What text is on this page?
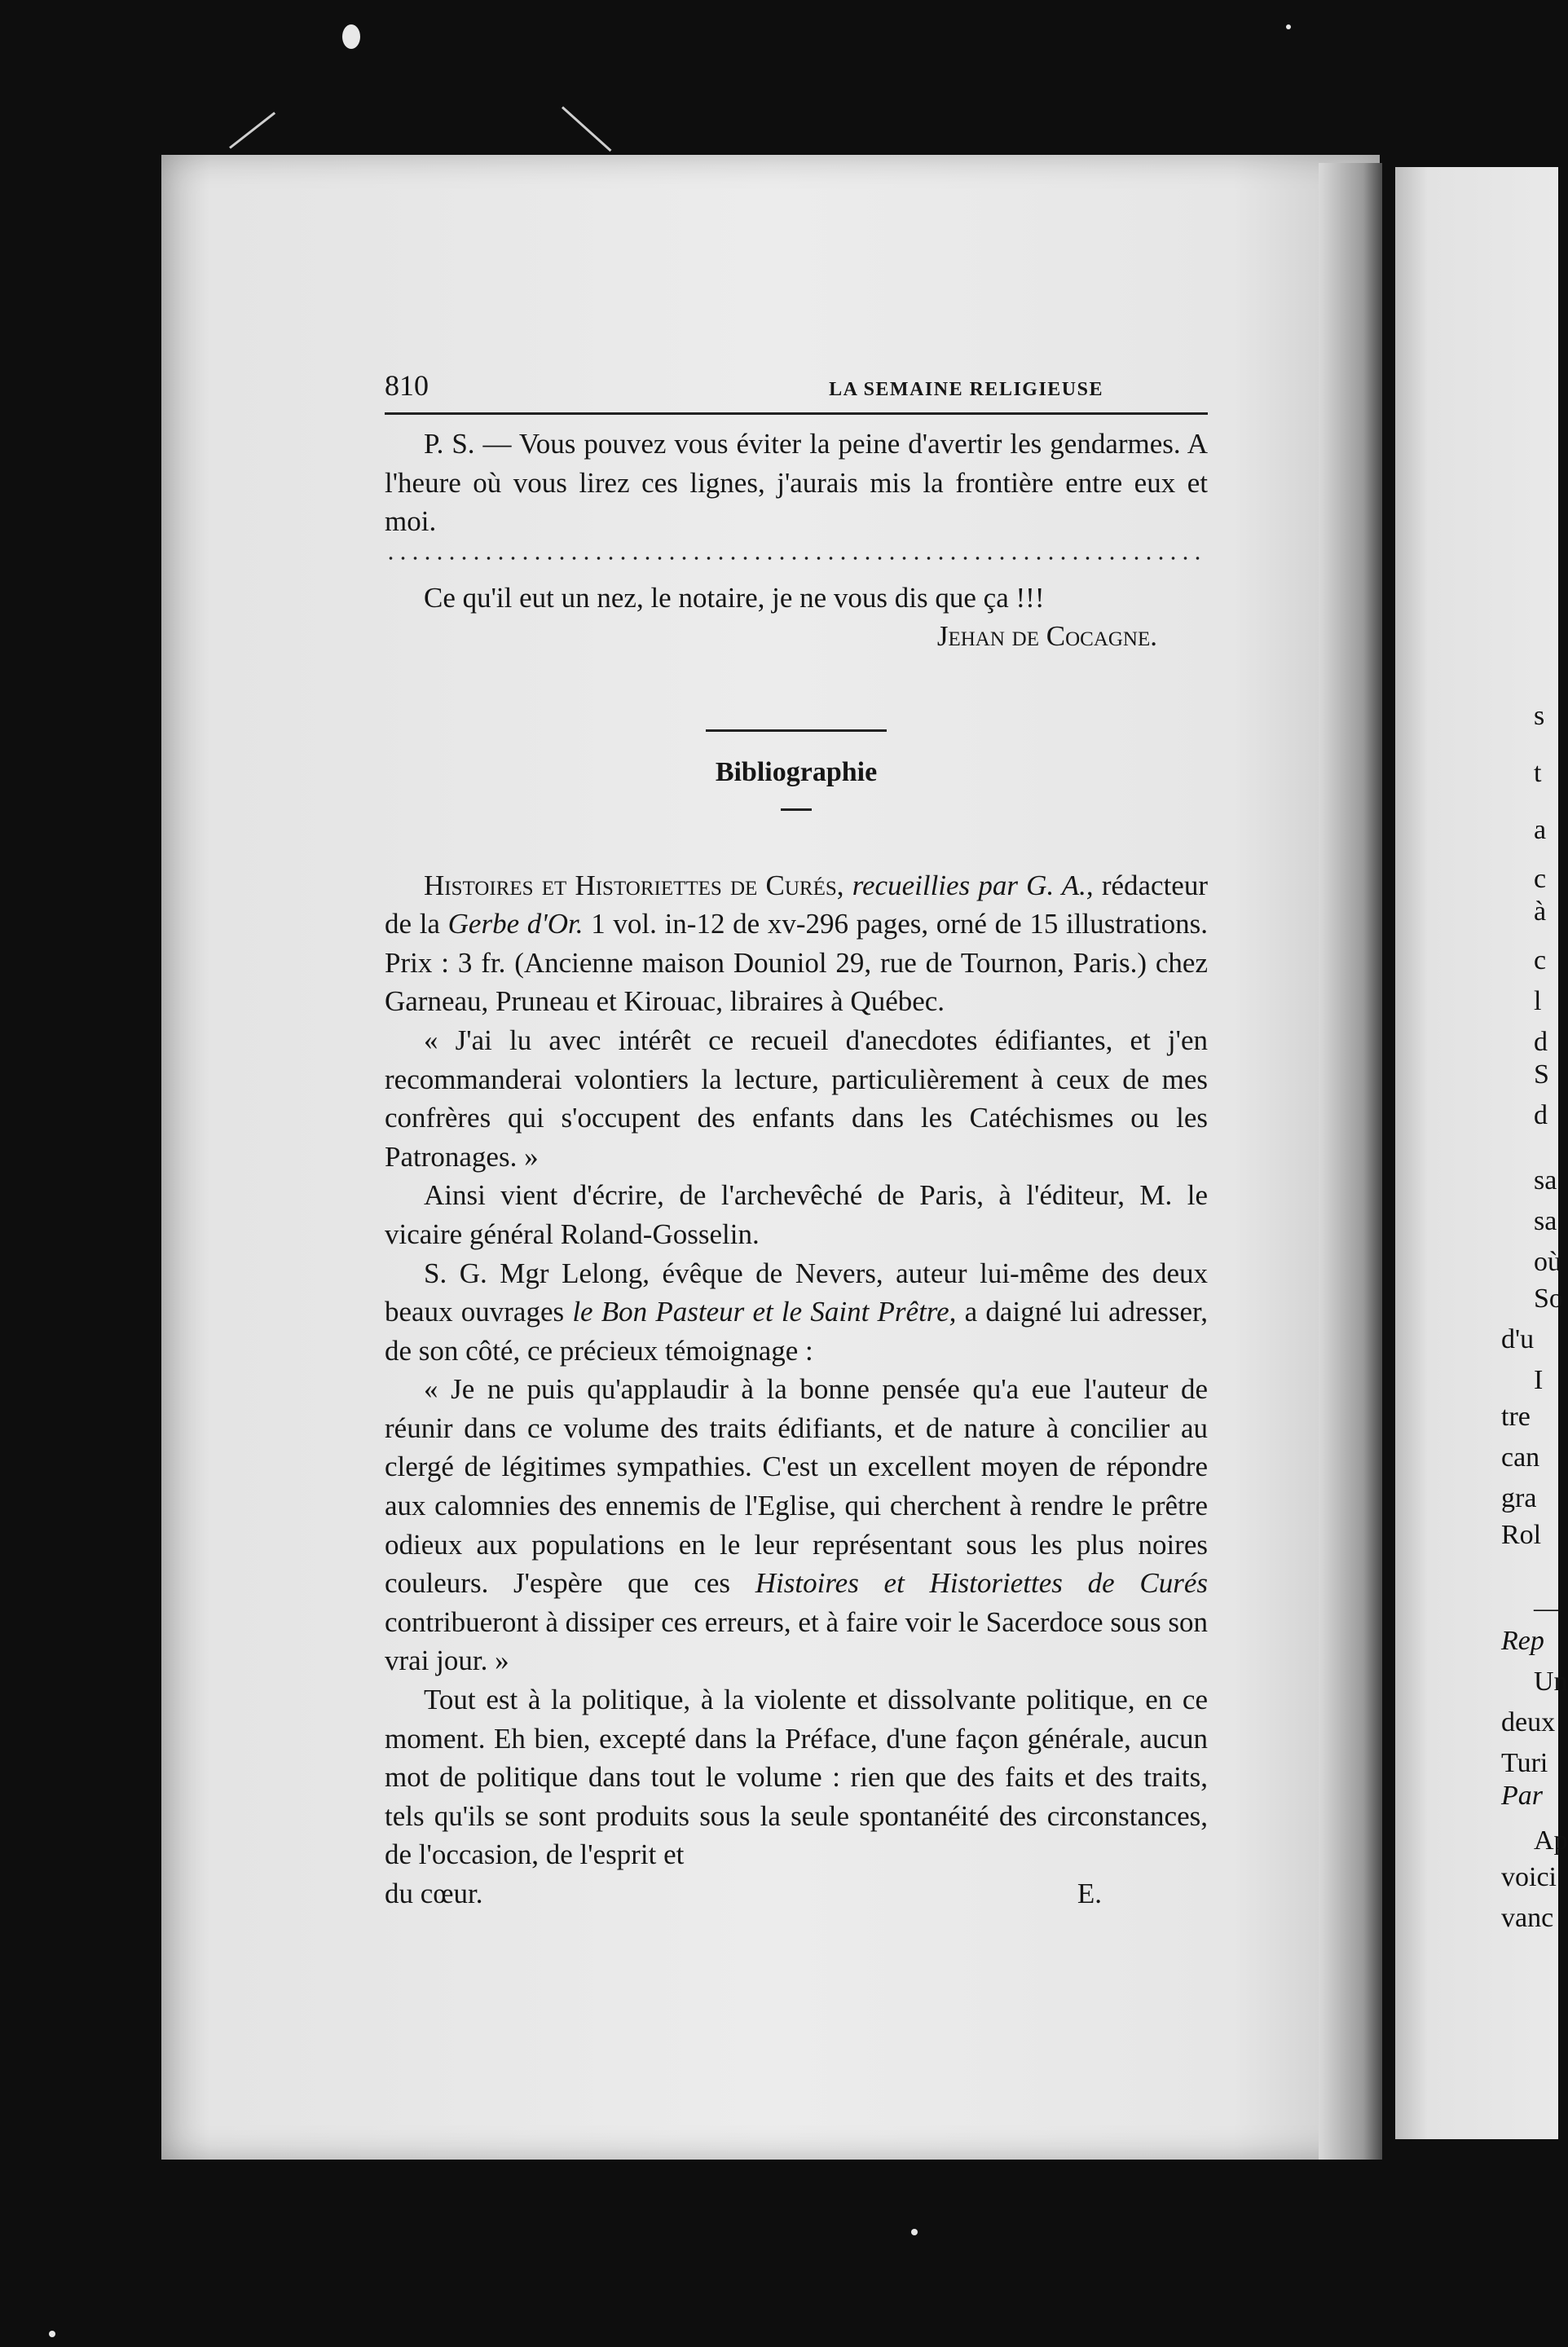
s
t
a
c
à
c
l
d
S
d
sa
sa
où
So
d'u
I
tre
can
gra
Rol
—
Rep
Un
deux
Turi
Par
Ap
voici
vanc
810	LA SEMAINE RELIGIEUSE

P. S. — Vous pouvez vous éviter la peine d'avertir les gendarmes. A l'heure où vous lirez ces lignes, j'aurais mis la frontière entre eux et moi.

Ce qu'il eut un nez, le notaire, je ne vous dis que ça !!!

Jehan de Cocagne.

Bibliographie

Histoires et Historiettes de Curés, recueillies par G. A., rédacteur de la Gerbe d'Or. 1 vol. in-12 de xv-296 pages, orné de 15 illustrations. Prix : 3 fr. (Ancienne maison Douniol 29, rue de Tournon, Paris.) chez Garneau, Pruneau et Kirouac, libraires à Québec.

« J'ai lu avec intérêt ce recueil d'anecdotes édifiantes, et j'en recommanderai volontiers la lecture, particulièrement à ceux de mes confrères qui s'occupent des enfants dans les Catéchismes ou les Patronages. »

Ainsi vient d'écrire, de l'archevêché de Paris, à l'éditeur, M. le vicaire général Roland-Gosselin.

S. G. Mgr Lelong, évêque de Nevers, auteur lui-même des deux beaux ouvrages le Bon Pasteur et le Saint Prêtre, a daigné lui adresser, de son côté, ce précieux témoignage :

« Je ne puis qu'applaudir à la bonne pensée qu'a eue l'auteur de réunir dans ce volume des traits édifiants, et de nature à concilier au clergé de légitimes sympathies. C'est un excellent moyen de répondre aux calomnies des ennemis de l'Eglise, qui cherchent à rendre le prêtre odieux aux populations en le leur représentant sous les plus noires couleurs. J'espère que ces Histoires et Historiettes de Curés contribueront à dissiper ces erreurs, et à faire voir le Sacerdoce sous son vrai jour. »

Tout est à la politique, à la violente et dissolvante politique, en ce moment. Eh bien, excepté dans la Préface, d'une façon générale, aucun mot de politique dans tout le volume : rien que des faits et des traits, tels qu'ils se sont produits sous la seule spontanéité des circonstances, de l'occasion, de l'esprit et

du cœur.	E.
